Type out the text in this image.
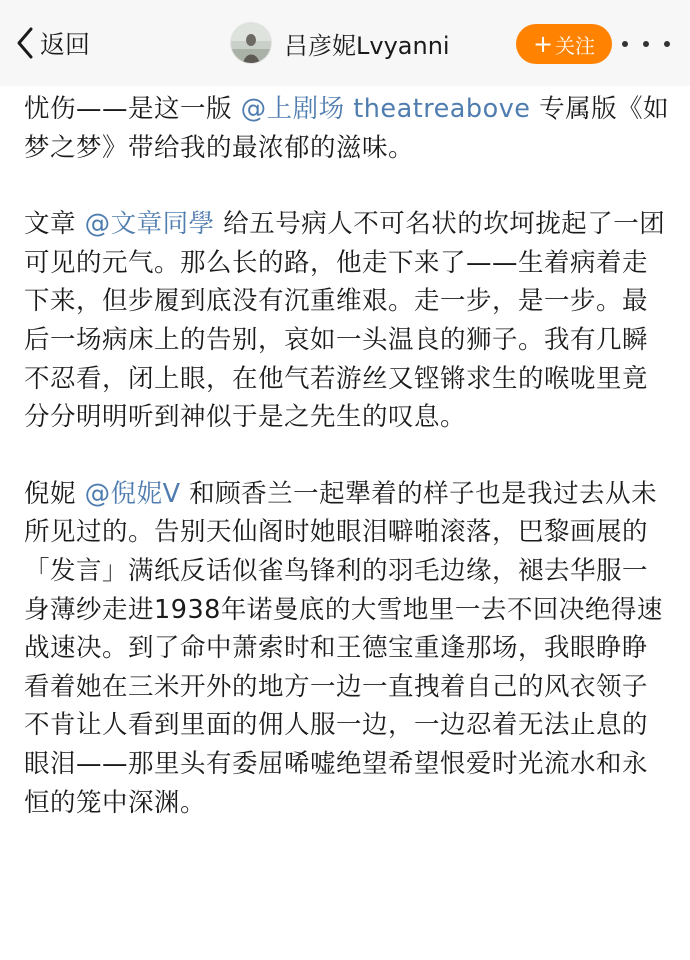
返回	吕彦妮Lvyanni	+ 关注

忧伤——是这一版 @上剧场 theatreabove 专属版《如梦之梦》带给我的最浓郁的滋味。

文章 @文章同學 给五号病人不可名状的坎坷拢起了一团可见的元气。那么长的路，他走下来了——生着病着走下来，但步履到底没有沉重维艰。走一步，是一步。最后一场病床上的告别，哀如一头温良的狮子。我有几瞬不忍看，闭上眼，在他气若游丝又铿锵求生的喉咙里竟分分明明听到神似于是之先生的叹息。

倪妮 @倪妮V 和顾香兰一起犟着的样子也是我过去从未所见过的。告别天仙阁时她眼泪噼啪滚落，巴黎画展的「发言」满纸反话似雀鸟锋利的羽毛边缘，褪去华服一身薄纱走进1938年诺曼底的大雪地里一去不回决绝得速战速决。到了命中萧索时和王德宝重逢那场，我眼睁睁看着她在三米开外的地方一边一直拽着自己的风衣领子不肯让人看到里面的佣人服一边，一边忍着无法止息的眼泪——那里头有委屈唏嘘绝望希望恨爱时光流水和永恒的笼中深渊。
